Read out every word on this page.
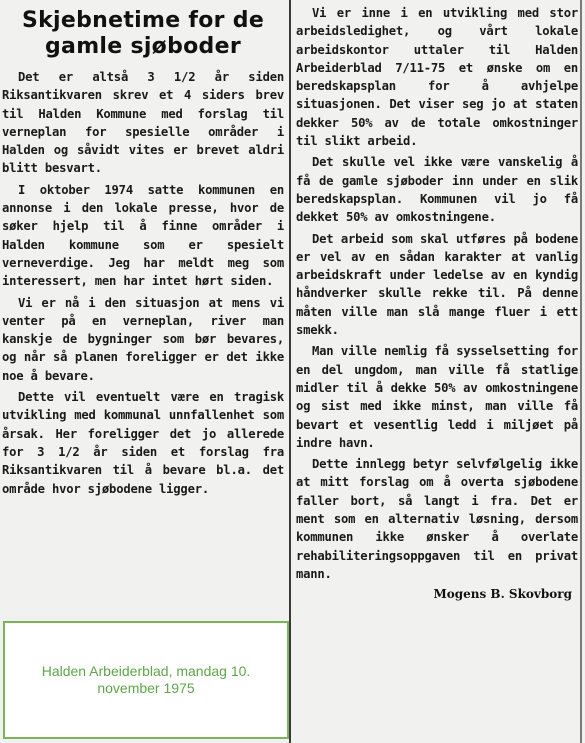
Skjebnetime for de gamle sjøboder

Det er altså 3 1/2 år siden Riksantikvaren skrev et 4 siders brev til Halden Kommune med forslag til verneplan for spesielle områder i Halden og såvidt vites er brevet aldri blitt besvart.

I oktober 1974 satte kommunen en annonse i den lokale presse, hvor de søker hjelp til å finne områder i Halden kommune som er spesielt verneverdige. Jeg har meldt meg som interessert, men har intet hørt siden.

Vi er nå i den situasjon at mens vi venter på en verneplan, river man kanskje de bygninger som bør bevares, og når så planen foreligger er det ikke noe å bevare.

Dette vil eventuelt være en tragisk utvikling med kommunal unnfallenhet som årsak. Her foreligger det jo allerede for 3 1/2 år siden et forslag fra Riksantikvaren til å bevare bl.a. det område hvor sjøbodene ligger.

Vi er inne i en utvikling med stor arbeidsledighet, og vårt lokale arbeidskontor uttaler til Halden Arbeiderblad 7/11-75 et ønske om en beredskapsplan for å avhjelpe situasjonen. Det viser seg jo at staten dekker 50% av de totale omkostninger til slikt arbeid.

Det skulle vel ikke være vanskelig å få de gamle sjøboder inn under en slik beredskapsplan. Kommunen vil jo få dekket 50% av omkostningene.

Det arbeid som skal utføres på bodene er vel av en sådan karakter at vanlig arbeidskraft under ledelse av en kyndig håndverker skulle rekke til. På denne måten ville man slå mange fluer i ett smekk.

Man ville nemlig få sysselsetting for en del ungdom, man ville få statlige midler til å dekke 50% av omkostningene og sist med ikke minst, man ville få bevart et vesentlig ledd i miljøet på indre havn.

Dette innlegg betyr selvfølgelig ikke at mitt forslag om å overta sjøbodene faller bort, så langt i fra. Det er ment som en alternativ løsning, dersom kommunen ikke ønsker å overlate rehabiliteringsoppgaven til en privat mann.

Mogens B. Skovborg
Halden Arbeiderblad, mandag 10. november 1975
